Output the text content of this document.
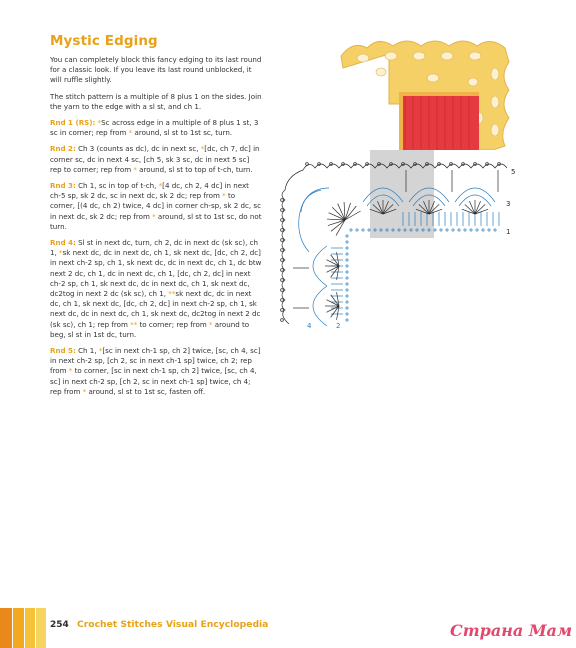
Mystic Edging

You can completely block this fancy edging to its last round for a classic look. If you leave its last round unblocked, it will ruffle slightly.

The stitch pattern is a multiple of 8 plus 1 on the sides. Join the yarn to the edge with a sl st, and ch 1.

Rnd 1 (RS): *Sc across edge in a multiple of 8 plus 1 st, 3 sc in corner; rep from * around, sl st to 1st sc, turn.

Rnd 2: Ch 3 (counts as dc), dc in next sc, *[dc, ch 7, dc] in corner sc, dc in next 4 sc, [ch 5, sk 3 sc, dc in next 5 sc] rep to corner; rep from * around, sl st to top of t-ch, turn.

Rnd 3: Ch 1, sc in top of t-ch, *[4 dc, ch 2, 4 dc] in next ch-5 sp, sk 2 dc, sc in next dc, sk 2 dc; rep from * to corner, [(4 dc, ch 2) twice, 4 dc] in corner ch-sp, sk 2 dc, sc in next dc, sk 2 dc; rep from * around, sl st to 1st sc, do not turn.

Rnd 4: Sl st in next dc, turn, ch 2, dc in next dc (sk sc), ch 1, *sk next dc, dc in next dc, ch 1, sk next dc, [dc, ch 2, dc] in next ch-2 sp, ch 1, sk next dc, dc in next dc, ch 1, dc btw next 2 dc, ch 1, dc in next dc, ch 1, [dc, ch 2, dc] in next ch-2 sp, ch 1, sk next dc, dc in next dc, ch 1, sk next dc, dc2tog in next 2 dc (sk sc), ch 1, **sk next dc, dc in next dc, ch 1, sk next dc, [dc, ch 2, dc] in next ch-2 sp, ch 1, sk next dc, dc in next dc, ch 1, sk next dc, dc2tog in next 2 dc (sk sc), ch 1; rep from ** to corner; rep from * around to beg, sl st in 1st dc, turn.

Rnd 5: Ch 1, *[sc in next ch-1 sp, ch 2] twice, [sc, ch 4, sc] in next ch-2 sp, [ch 2, sc in next ch-1 sp] twice, ch 2; rep from * to corner, [sc in next ch-1 sp, ch 2] twice, [sc, ch 4, sc] in next ch-2 sp, [ch 2, sc in next ch-1 sp] twice, ch 4; rep from * around, sl st to 1st sc, fasten off.

5
3
1
4	2
254 Crochet Stitches Visual Encyclopedia	Страна Мам
